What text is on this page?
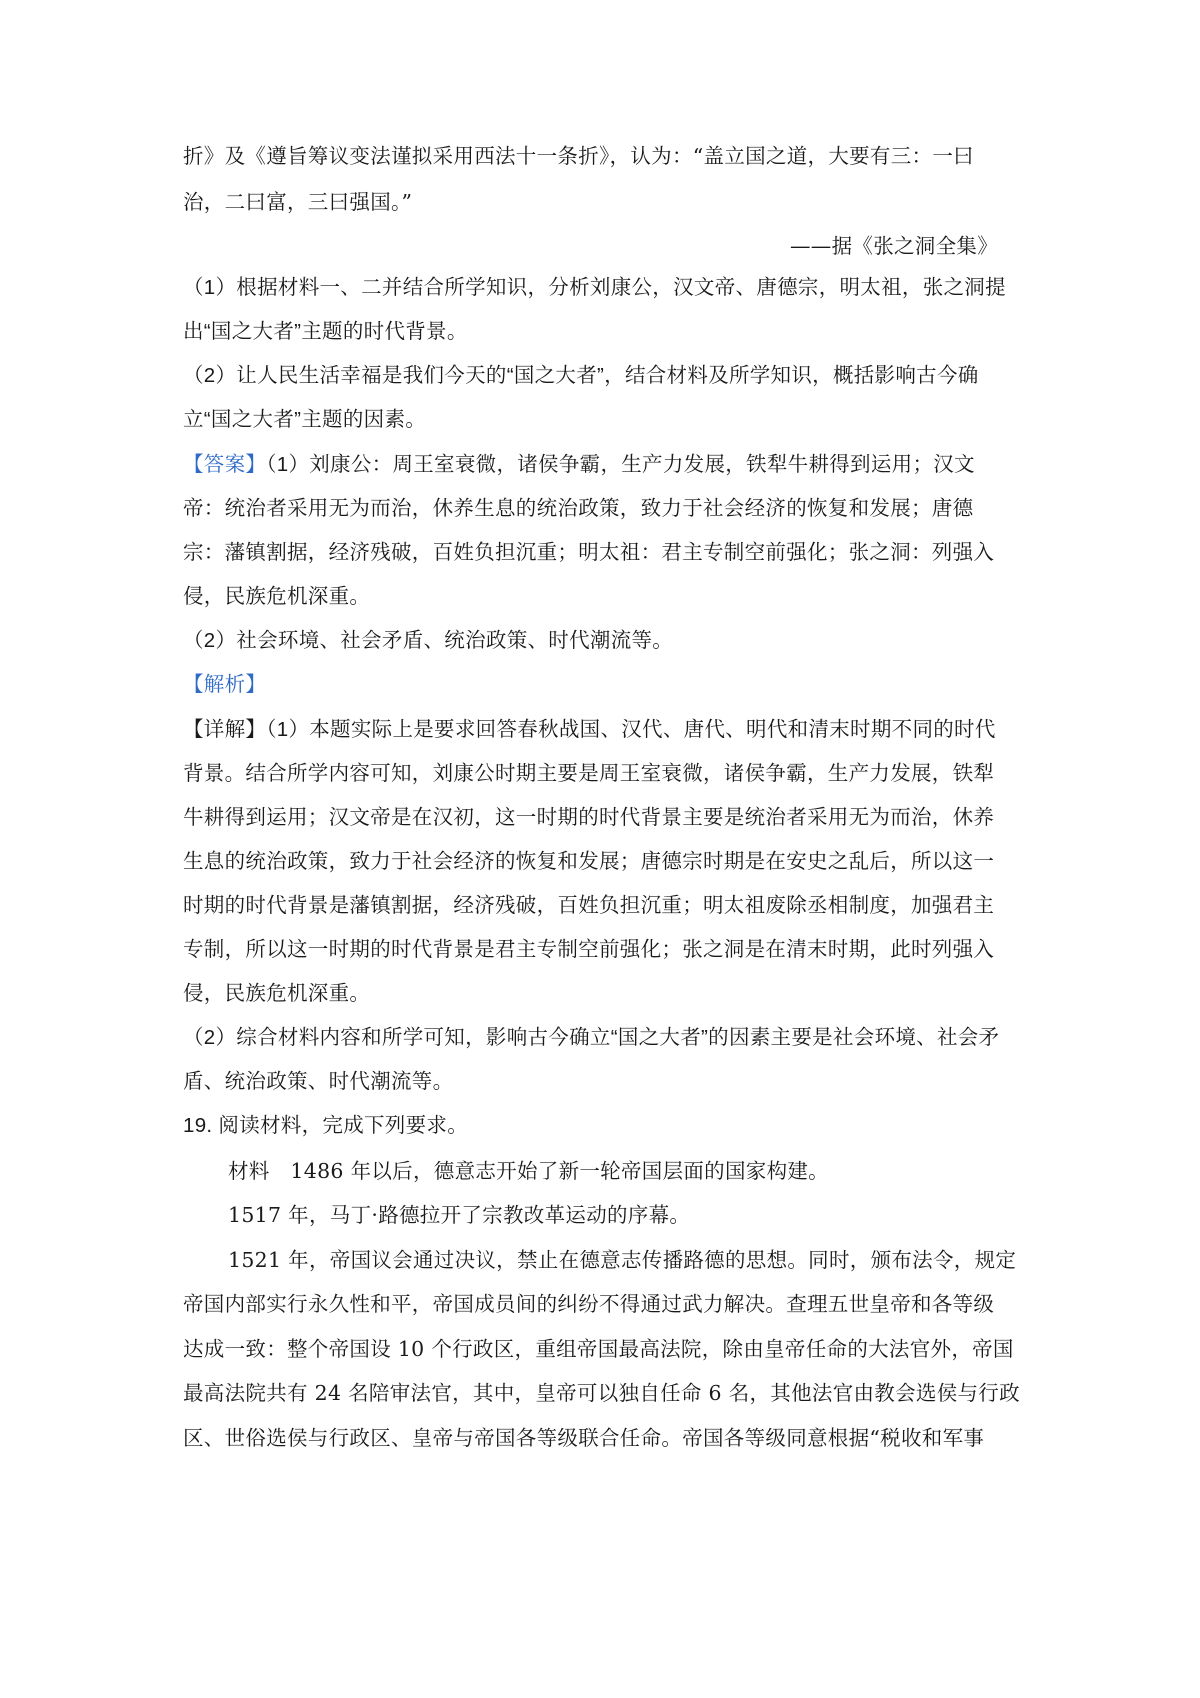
折》及《遵旨筹议变法谨拟采用西法十一条折》，认为：“盖立国之道，大要有三：一曰
治，二曰富，三曰强国。”
——据《张之洞全集》
（1）根据材料一、二并结合所学知识，分析刘康公，汉文帝、唐德宗，明太祖，张之洞提
出“国之大者”主题的时代背景。
（2）让人民生活幸福是我们今天的“国之大者”，结合材料及所学知识，概括影响古今确
立“国之大者”主题的因素。
【答案】（1）刘康公：周王室衰微，诸侯争霸，生产力发展，铁犁牛耕得到运用；汉文
帝：统治者采用无为而治，休养生息的统治政策，致力于社会经济的恢复和发展；唐德
宗：藩镇割据，经济残破，百姓负担沉重；明太祖：君主专制空前强化；张之洞：列强入
侵，民族危机深重。
（2）社会环境、社会矛盾、统治政策、时代潮流等。
【解析】
【详解】（1）本题实际上是要求回答春秋战国、汉代、唐代、明代和清末时期不同的时代
背景。结合所学内容可知，刘康公时期主要是周王室衰微，诸侯争霸，生产力发展，铁犁
牛耕得到运用；汉文帝是在汉初，这一时期的时代背景主要是统治者采用无为而治，休养
生息的统治政策，致力于社会经济的恢复和发展；唐德宗时期是在安史之乱后，所以这一
时期的时代背景是藩镇割据，经济残破，百姓负担沉重；明太祖废除丞相制度，加强君主
专制，所以这一时期的时代背景是君主专制空前强化；张之洞是在清末时期，此时列强入
侵，民族危机深重。
（2）综合材料内容和所学可知，影响古今确立“国之大者”的因素主要是社会环境、社会矛
盾、统治政策、时代潮流等。
19. 阅读材料，完成下列要求。
材料　1486 年以后，德意志开始了新一轮帝国层面的国家构建。
1517 年，马丁·路德拉开了宗教改革运动的序幕。
1521 年，帝国议会通过决议，禁止在德意志传播路德的思想。同时，颁布法令，规定
帝国内部实行永久性和平，帝国成员间的纠纷不得通过武力解决。查理五世皇帝和各等级
达成一致：整个帝国设 10 个行政区，重组帝国最高法院，除由皇帝任命的大法官外，帝国
最高法院共有 24 名陪审法官，其中，皇帝可以独自任命 6 名，其他法官由教会选侯与行政
区、世俗选侯与行政区、皇帝与帝国各等级联合任命。帝国各等级同意根据“税收和军事
